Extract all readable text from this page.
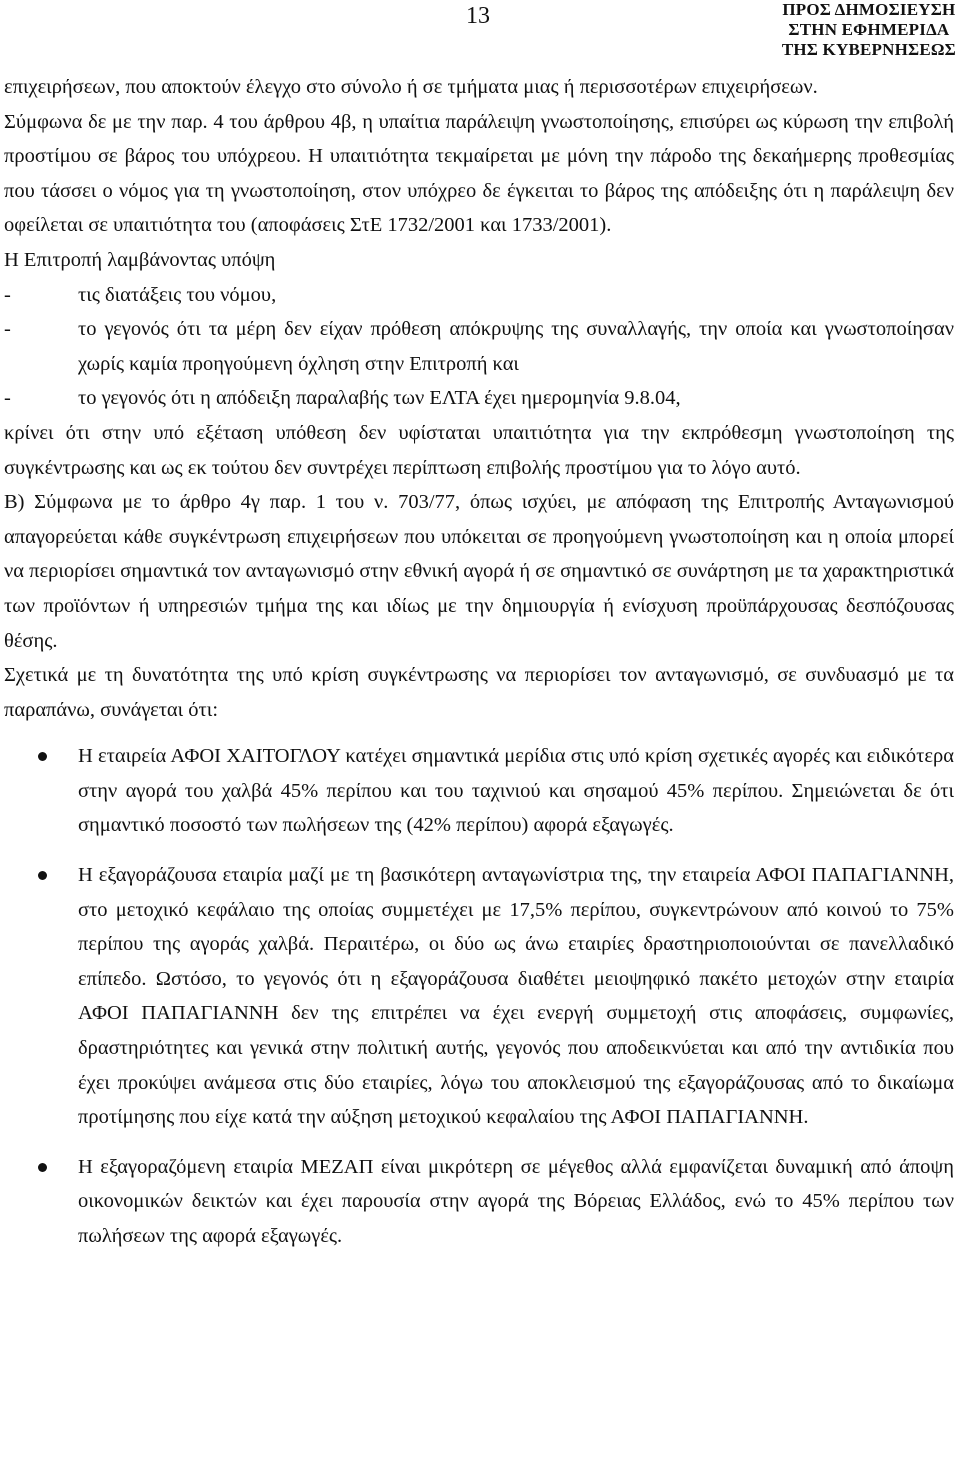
13	ΠΡΟΣ ΔΗΜΟΣΙΕΥΣΗ
ΣΤΗΝ ΕΦΗΜΕΡΙΔΑ
ΤΗΣ ΚΥΒΕΡΝΗΣΕΩΣ

επιχειρήσεων, που αποκτούν έλεγχο στο σύνολο ή σε τμήματα μιας ή περισσοτέρων επιχειρήσεων.

Σύμφωνα δε με την παρ. 4 του άρθρου 4β, η υπαίτια παράλειψη γνωστοποίησης, επισύρει ως κύρωση την επιβολή προστίμου σε βάρος του υπόχρεου. Η υπαιτιότητα τεκμαίρεται με μόνη την πάροδο της δεκαήμερης προθεσμίας που τάσσει ο νόμος για τη γνωστοποίηση, στον υπόχρεο δε έγκειται το βάρος της απόδειξης ότι η παράλειψη δεν οφείλεται σε υπαιτιότητα του (αποφάσεις ΣτΕ 1732/2001 και 1733/2001).

Η Επιτροπή λαμβάνοντας υπόψη

-	τις διατάξεις του νόμου,
-	το γεγονός ότι τα μέρη δεν είχαν πρόθεση απόκρυψης της συναλλαγής, την οποία και γνωστοποίησαν χωρίς καμία προηγούμενη όχληση στην Επιτροπή και
-	το γεγονός ότι η απόδειξη παραλαβής των ΕΛΤΑ έχει ημερομηνία 9.8.04,

κρίνει ότι στην υπό εξέταση υπόθεση δεν υφίσταται υπαιτιότητα για την εκπρόθεσμη γνωστοποίηση της συγκέντρωσης και ως εκ τούτου δεν συντρέχει περίπτωση επιβολής προστίμου για το λόγο αυτό.

Β) Σύμφωνα με το άρθρο 4γ παρ. 1 του ν. 703/77, όπως ισχύει, με απόφαση της Επιτροπής Ανταγωνισμού απαγορεύεται κάθε συγκέντρωση επιχειρήσεων που υπόκειται σε προηγούμενη γνωστοποίηση και η οποία μπορεί να περιορίσει σημαντικά τον ανταγωνισμό στην εθνική αγορά ή σε σημαντικό σε συνάρτηση με τα χαρακτηριστικά των προϊόντων ή υπηρεσιών τμήμα της και ιδίως με την δημιουργία ή ενίσχυση προϋπάρχουσας δεσπόζουσας θέσης.

Σχετικά με τη δυνατότητα της υπό κρίση συγκέντρωσης να περιορίσει τον ανταγωνισμό, σε συνδυασμό με τα παραπάνω, συνάγεται ότι:

Η εταιρεία ΑΦΟΙ ΧΑΙΤΟΓΛΟΥ κατέχει σημαντικά μερίδια στις υπό κρίση σχετικές αγορές και ειδικότερα στην αγορά του χαλβά 45% περίπου και του ταχινιού και σησαμού 45% περίπου. Σημειώνεται δε ότι σημαντικό ποσοστό των πωλήσεων της (42% περίπου) αφορά εξαγωγές.
Η εξαγοράζουσα εταιρία μαζί με τη βασικότερη ανταγωνίστρια της, την εταιρεία ΑΦΟΙ ΠΑΠΑΓΙΑΝΝΗ, στο μετοχικό κεφάλαιο της οποίας συμμετέχει με 17,5% περίπου, συγκεντρώνουν από κοινού το 75% περίπου της αγοράς χαλβά. Περαιτέρω, οι δύο ως άνω εταιρίες δραστηριοποιούνται σε πανελλαδικό επίπεδο. Ωστόσο, το γεγονός ότι η εξαγοράζουσα διαθέτει μειοψηφικό πακέτο μετοχών στην εταιρία ΑΦΟΙ ΠΑΠΑΓΙΑΝΝΗ δεν της επιτρέπει να έχει ενεργή συμμετοχή στις αποφάσεις, συμφωνίες, δραστηριότητες και γενικά στην πολιτική αυτής, γεγονός που αποδεικνύεται και από την αντιδικία που έχει προκύψει ανάμεσα στις δύο εταιρίες, λόγω του αποκλεισμού της εξαγοράζουσας από το δικαίωμα προτίμησης που είχε κατά την αύξηση μετοχικού κεφαλαίου της ΑΦΟΙ ΠΑΠΑΓΙΑΝΝΗ.
Η εξαγοραζόμενη εταιρία ΜΕΖΑΠ είναι μικρότερη σε μέγεθος αλλά εμφανίζεται δυναμική από άποψη οικονομικών δεικτών και έχει παρουσία στην αγορά της Βόρειας Ελλάδος, ενώ το 45% περίπου των πωλήσεων της αφορά εξαγωγές.
